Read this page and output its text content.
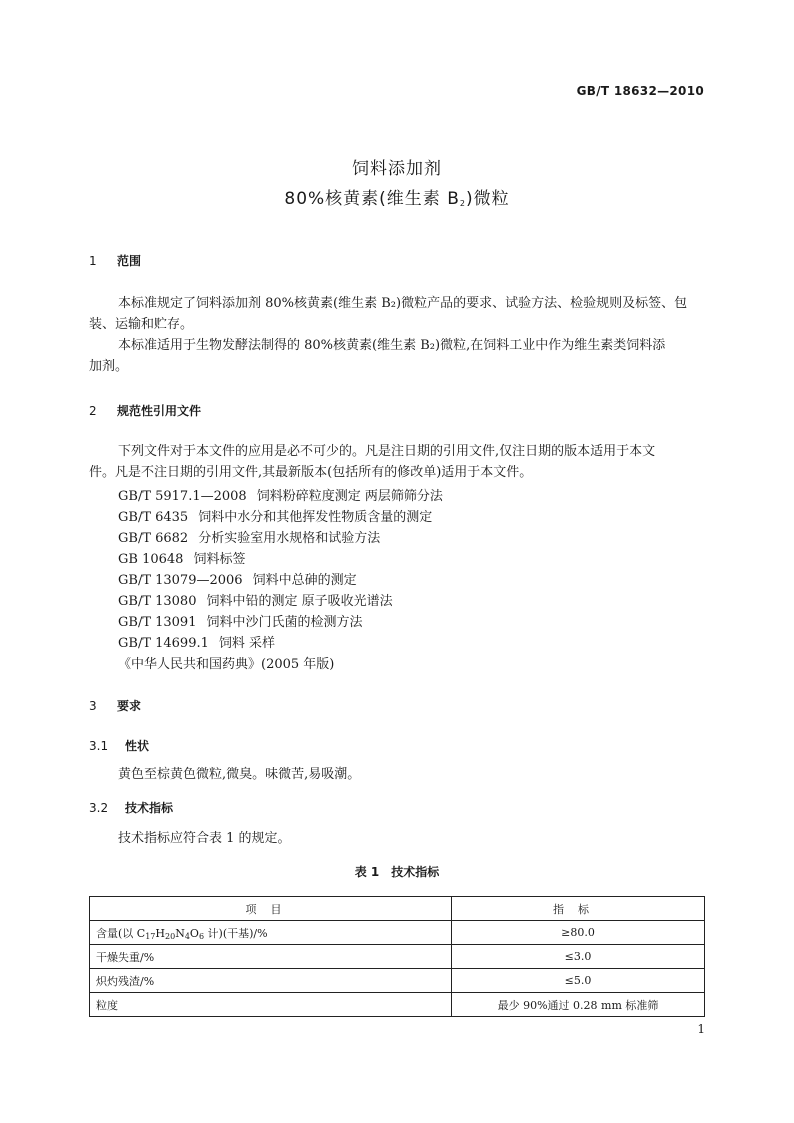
GB/T 18632—2010
饲料添加剂
80%核黄素(维生素 $B_2$)微粒
1 范围
本标准规定了饲料添加剂 80%核黄素(维生素 B₂)微粒产品的要求、试验方法、检验规则及标签、包
装、运输和贮存。
本标准适用于生物发酵法制得的 80%核黄素(维生素 B₂)微粒,在饲料工业中作为维生素类饲料添
加剂。
2 规范性引用文件
下列文件对于本文件的应用是必不可少的。凡是注日期的引用文件,仅注日期的版本适用于本文
件。凡是不注日期的引用文件,其最新版本(包括所有的修改单)适用于本文件。
GB/T 5917.1—2008 饲料粉碎粒度测定 两层筛筛分法
GB/T 6435 饲料中水分和其他挥发性物质含量的测定
GB/T 6682 分析实验室用水规格和试验方法
GB 10648 饲料标签
GB/T 13079—2006 饲料中总砷的测定
GB/T 13080 饲料中铅的测定 原子吸收光谱法
GB/T 13091 饲料中沙门氏菌的检测方法
GB/T 14699.1 饲料 采样
《中华人民共和国药典》(2005 年版)
3 要求
3.1 性状
黄色至棕黄色微粒,微臭。味微苦,易吸潮。
3.2 技术指标
技术指标应符合表 1 的规定。
表 1 技术指标
项目	指标
含量(以 $C_{17}H_{20}N_4O_6$ 计)(干基)/%	≥80.0
干燥失重/%	≤3.0
炽灼残渣/%	≤5.0
粒度	最少 90%通过 0.28 mm 标准筛
1
